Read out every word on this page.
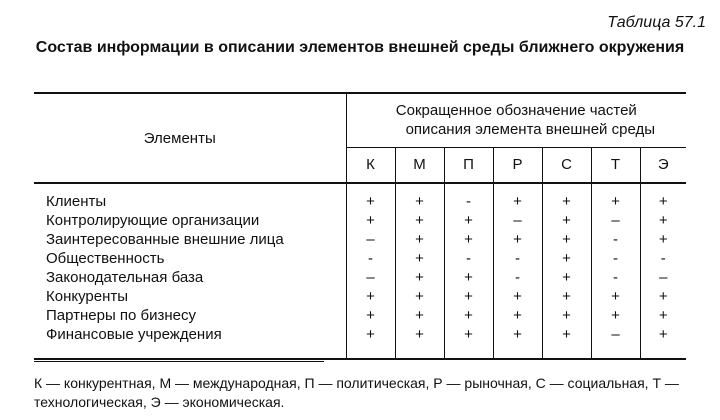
Таблица 57.1
Состав информации в описании элементов внешней среды ближнего окружения
Элементы	Сокращенное обозначение частей
описания элемента внешней среды						

	К	М	П	Р	С	Т	Э
Клиенты	+	+	-	+	+	+	+
Контролирующие организации	+	+	+	–	+	–	+
Заинтересованные внешние лица	–	+	+	+	+	-	+
Общественность	-	+	-	-	+	-	-
Законодательная база	–	+	+	-	+	-	–
Конкуренты	+	+	+	+	+	+	+
Партнеры по бизнесу	+	+	+	+	+	+	+
Финансовые учреждения	+	+	+	+	+	–	+
К — конкурентная, М — международная, П — политическая, Р — рыночная, С — социальная, Т — технологическая, Э — экономическая.
